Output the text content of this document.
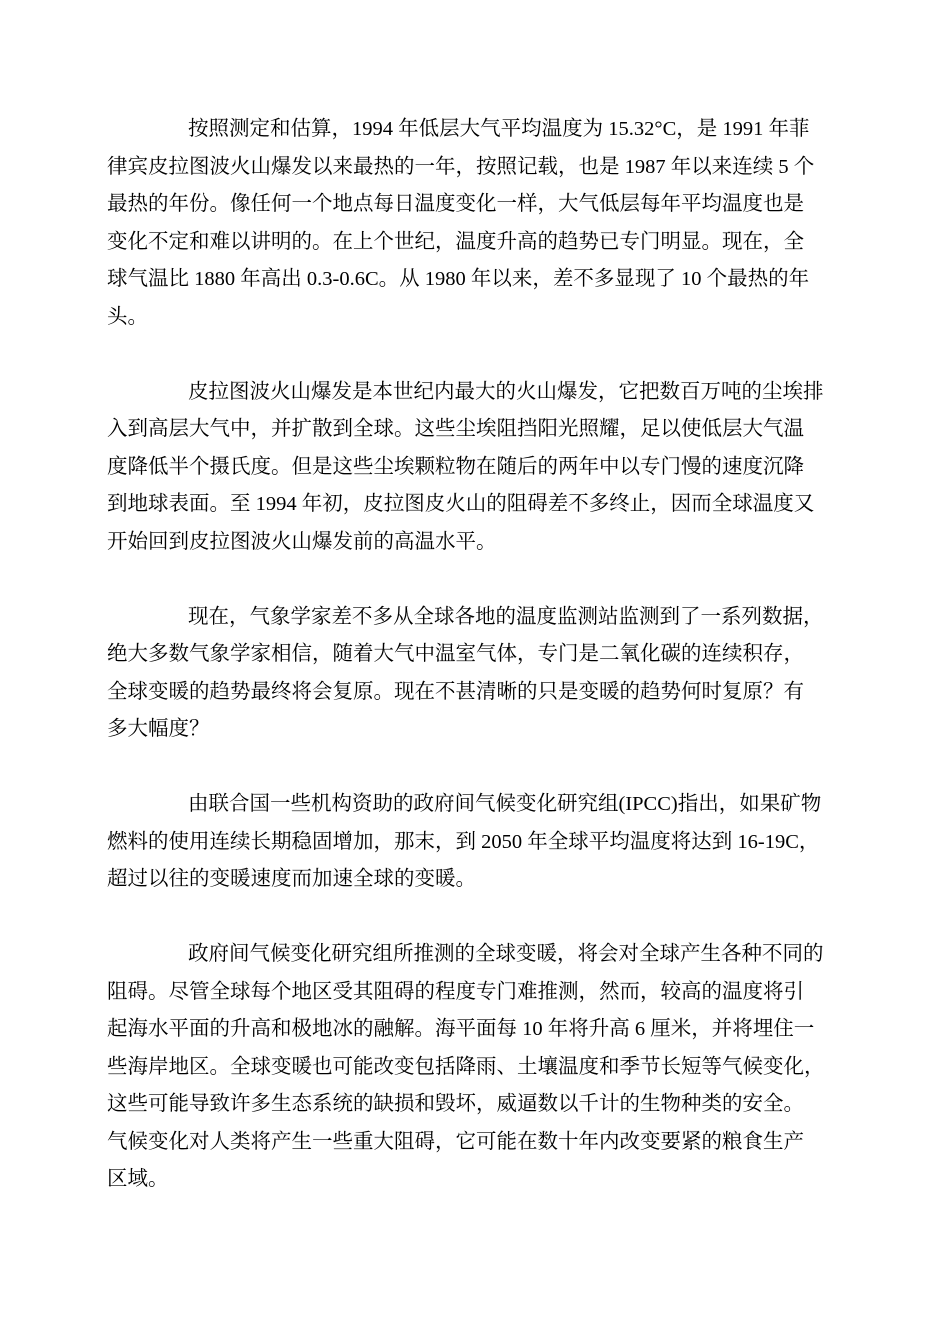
按照测定和估算，1994 年低层大气平均温度为 15.32°C，是 1991 年菲
律宾皮拉图波火山爆发以来最热的一年，按照记载，也是 1987 年以来连续 5 个
最热的年份。像任何一个地点每日温度变化一样，大气低层每年平均温度也是
变化不定和难以讲明的。在上个世纪，温度升高的趋势已专门明显。现在，全
球气温比 1880 年高出 0.3-0.6C。从 1980 年以来，差不多显现了 10 个最热的年
头。

皮拉图波火山爆发是本世纪内最大的火山爆发，它把数百万吨的尘埃排
入到高层大气中，并扩散到全球。这些尘埃阻挡阳光照耀，足以使低层大气温
度降低半个摄氏度。但是这些尘埃颗粒物在随后的两年中以专门慢的速度沉降
到地球表面。至 1994 年初，皮拉图皮火山的阻碍差不多终止，因而全球温度又
开始回到皮拉图波火山爆发前的高温水平。

现在，气象学家差不多从全球各地的温度监测站监测到了一系列数据，
绝大多数气象学家相信，随着大气中温室气体，专门是二氧化碳的连续积存，
全球变暖的趋势最终将会复原。现在不甚清晰的只是变暖的趋势何时复原？有
多大幅度？

由联合国一些机构资助的政府间气候变化研究组(IPCC)指出，如果矿物
燃料的使用连续长期稳固增加，那末，到 2050 年全球平均温度将达到 16-19C，
超过以往的变暖速度而加速全球的变暖。

政府间气候变化研究组所推测的全球变暖，将会对全球产生各种不同的
阻碍。尽管全球每个地区受其阻碍的程度专门难推测，然而，较高的温度将引
起海水平面的升高和极地冰的融解。海平面每 10 年将升高 6 厘米，并将埋住一
些海岸地区。全球变暖也可能改变包括降雨、土壤温度和季节长短等气候变化，
这些可能导致许多生态系统的缺损和毁坏，威逼数以千计的生物种类的安全。
气候变化对人类将产生一些重大阻碍，它可能在数十年内改变要紧的粮食生产
区域。
